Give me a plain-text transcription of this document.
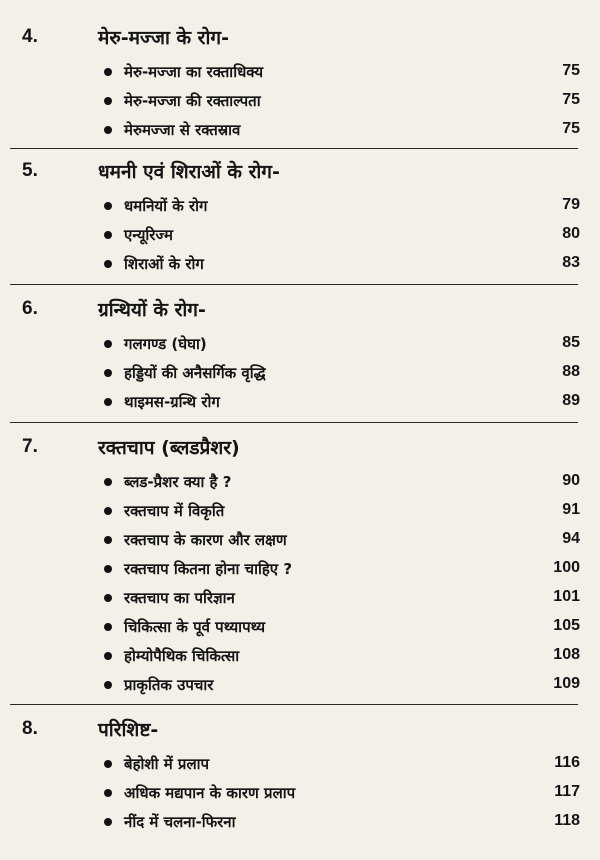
4.	मेरु-मज्जा के रोग-
मेरु-मज्जा का रक्ताधिक्य	75
मेरु-मज्जा की रक्ताल्पता	75
मेरुमज्जा से रक्तस्राव	75
5.	धमनी एवं शिराओं के रोग-
धमनियों के रोग	79
एन्यूरिज्म	80
शिराओं के रोग	83
6.	ग्रन्थियों के रोग-
गलगण्ड (घेघा)	85
हड्डियों की अनैसर्गिक वृद्धि	88
थाइमस-ग्रन्थि रोग	89
7.	रक्तचाप (ब्लडप्रैशर)
ब्लड-प्रैशर क्या है ?	90
रक्तचाप में विकृति	91
रक्तचाप के कारण और लक्षण	94
रक्तचाप कितना होना चाहिए ?	100
रक्तचाप का परिज्ञान	101
चिकित्सा के पूर्व पथ्यापथ्य	105
होम्योपैथिक चिकित्सा	108
प्राकृतिक उपचार	109
8.	परिशिष्ट-
बेहोशी में प्रलाप	116
अधिक मद्यपान के कारण प्रलाप	117
नींद में चलना-फिरना	118
